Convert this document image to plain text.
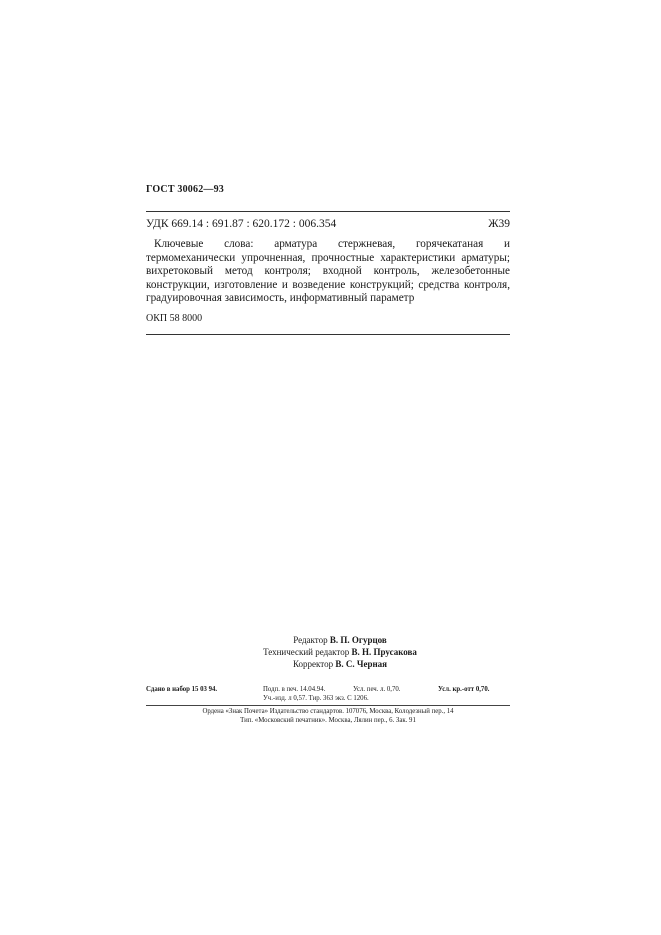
ГОСТ 30062—93
УДК 669.14 : 691.87 : 620.172 : 006.354	Ж39
Ключевые слова: арматура стержневая, горячекатаная и термомеханически упрочненная, прочностные характеристики арматуры; вихретоковый метод контроля; входной контроль, железобетонные конструкции, изготовление и возведение конструкций; средства контроля, градуировочная зависимость, информативный параметр
ОКП 58 8000
Редактор В. П. Огурцов
Технический редактор В. Н. Прусакова
Корректор В. С. Черная
Сдано в набор 15 03 94.	Подп. в печ. 14.04.94.	Усл. печ. л. 0,70.	Усл. кр.-отт 0,70.
Уч.-изд. л 0,57. Тир. 363 экз. С 1206.
Ордена «Знак Почета» Издательство стандартов. 107076, Москва, Колодезный пер., 14
Тип. «Московский печатник». Москва, Лялин пер., 6. Зак. 91
